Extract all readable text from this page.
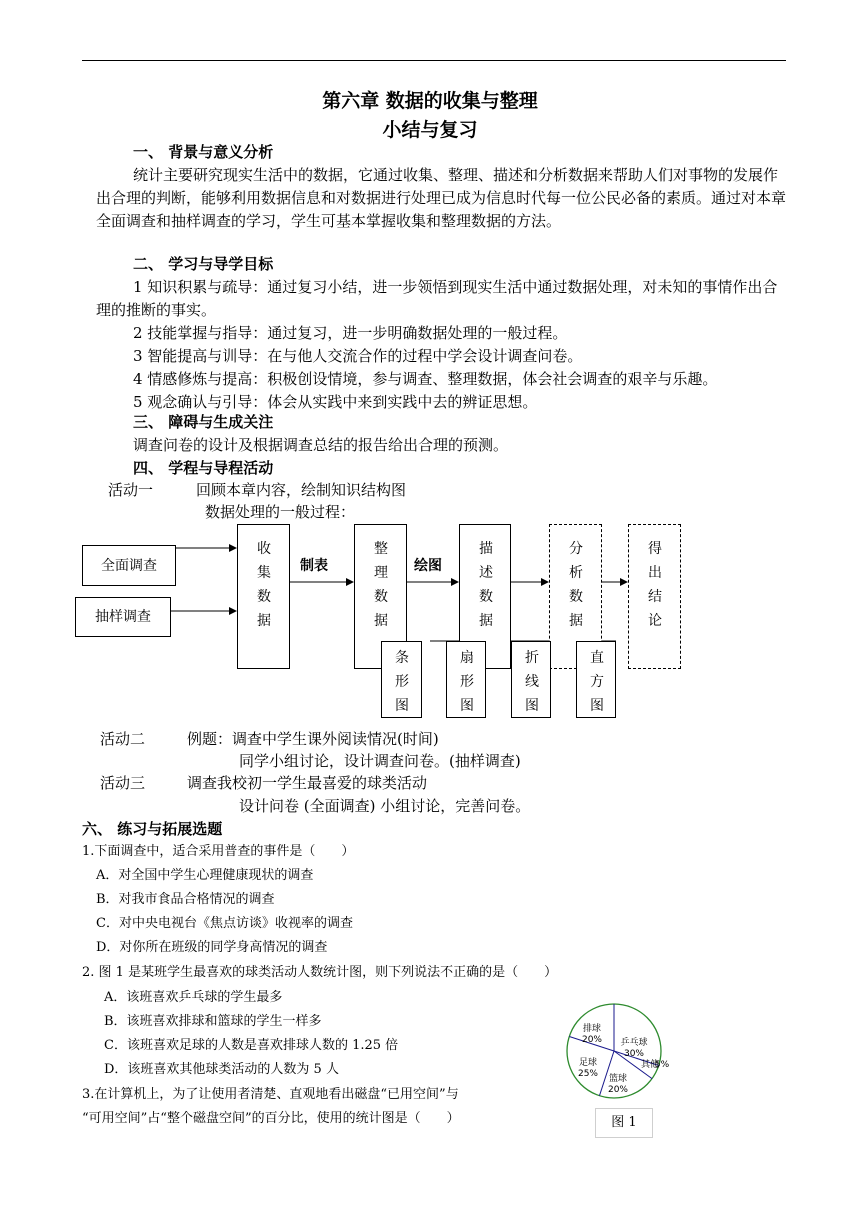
第六章 数据的收集与整理
小结与复习
一、 背景与意义分析
统计主要研究现实生活中的数据，它通过收集、整理、描述和分析数据来帮助人们对事物的发展作出合理的判断，能够利用数据信息和对数据进行处理已成为信息时代每一位公民必备的素质。通过对本章全面调查和抽样调查的学习，学生可基本掌握收集和整理数据的方法。
二、 学习与导学目标
1 知识积累与疏导：通过复习小结，进一步领悟到现实生活中通过数据处理，对未知的事情作出合理的推断的事实。
2 技能掌握与指导：通过复习，进一步明确数据处理的一般过程。
3 智能提高与训导：在与他人交流合作的过程中学会设计调查问卷。
4 情感修炼与提高：积极创设情境，参与调查、整理数据，体会社会调查的艰辛与乐趣。
5 观念确认与引导：体会从实践中来到实践中去的辨证思想。
三、 障碍与生成关注
调查问卷的设计及根据调查总结的报告给出合理的预测。
四、 学程与导程活动
活动一	回顾本章内容，绘制知识结构图
数据处理的一般过程：
全面调查
抽样调查
收集数据
制表
整理数据
绘图
描述数据
分析数据
得出结论
条形图
扇形图
折线图
直方图
活动二	例题：调查中学生课外阅读情况(时间)
同学小组讨论，设计调查问卷。(抽样调查)
活动三	调查我校初一学生最喜爱的球类活动
设计问卷 (全面调查) 小组讨论，完善问卷。
六、 练习与拓展选题
1.下面调查中，适合采用普查的事件是（　　）
A．对全国中学生心理健康现状的调查
B．对我市食品合格情况的调查
C．对中央电视台《焦点访谈》收视率的调查
D．对你所在班级的同学身高情况的调查
2. 图 1 是某班学生最喜欢的球类活动人数统计图，则下列说法不正确的是（　　）
A．该班喜欢乒乓球的学生最多
B．该班喜欢排球和篮球的学生一样多
C．该班喜欢足球的人数是喜欢排球人数的 1.25 倍
D．该班喜欢其他球类活动的人数为 5 人
3.在计算机上，为了让使用者清楚、直观地看出磁盘“已用空间”与
“可用空间”占“整个磁盘空间”的百分比，使用的统计图是（　　）
乒乓球
30%
其他
5%
篮球
20%
足球
25%
排球
20%
图 1
